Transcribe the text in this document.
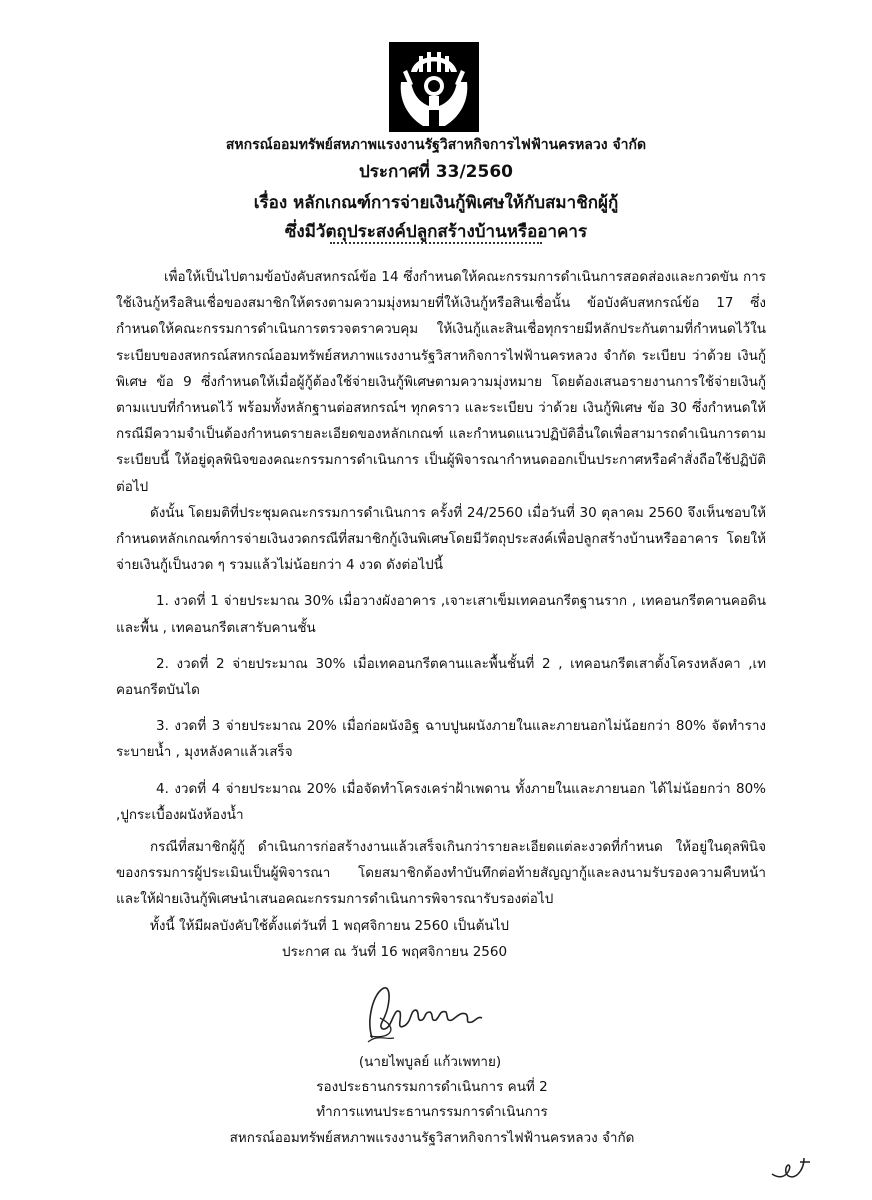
สหกรณ์ออมทรัพย์สหภาพแรงงานรัฐวิสาหกิจการไฟฟ้านครหลวง จำกัด
ประกาศที่ 33/2560
เรื่อง หลักเกณฑ์การจ่ายเงินกู้พิเศษให้กับสมาชิกผู้กู้
ซึ่งมีวัตถุประสงค์ปลูกสร้างบ้านหรืออาคาร

เพื่อให้เป็นไปตามข้อบังคับสหกรณ์ข้อ 14 ซึ่งกำหนดให้คณะกรรมการดำเนินการสอดส่องและกวดขัน การใช้เงินกู้หรือสินเชื่อของสมาชิกให้ตรงตามความมุ่งหมายที่ให้เงินกู้หรือสินเชื่อนั้น ข้อบังคับสหกรณ์ข้อ 17 ซึ่งกำหนดให้คณะกรรมการดำเนินการตรวจตราควบคุม ให้เงินกู้และสินเชื่อทุกรายมีหลักประกันตามที่กำหนดไว้ในระเบียบของสหกรณ์สหกรณ์ออมทรัพย์สหภาพแรงงานรัฐวิสาหกิจการไฟฟ้านครหลวง จำกัด ระเบียบ ว่าด้วย เงินกู้พิเศษ ข้อ 9 ซึ่งกำหนดให้เมื่อผู้กู้ต้องใช้จ่ายเงินกู้พิเศษตามความมุ่งหมาย โดยต้องเสนอรายงานการใช้จ่ายเงินกู้ตามแบบที่กำหนดไว้ พร้อมทั้งหลักฐานต่อสหกรณ์ฯ ทุกคราว และระเบียบ ว่าด้วย เงินกู้พิเศษ ข้อ 30 ซึ่งกำหนดให้กรณีมีความจำเป็นต้องกำหนดรายละเอียดของหลักเกณฑ์ และกำหนดแนวปฏิบัติอื่นใดเพื่อสามารถดำเนินการตามระเบียบนี้ ให้อยู่ดุลพินิจของคณะกรรมการดำเนินการ เป็นผู้พิจารณากำหนดออกเป็นประกาศหรือคำสั่งถือใช้ปฏิบัติต่อไป

ดังนั้น โดยมติที่ประชุมคณะกรรมการดำเนินการ ครั้งที่ 24/2560 เมื่อวันที่ 30 ตุลาคม 2560 จึงเห็นชอบให้กำหนดหลักเกณฑ์การจ่ายเงินงวดกรณีที่สมาชิกกู้เงินพิเศษโดยมีวัตถุประสงค์เพื่อปลูกสร้างบ้านหรืออาคาร โดยให้จ่ายเงินกู้เป็นงวด ๆ รวมแล้วไม่น้อยกว่า 4 งวด ดังต่อไปนี้

1. งวดที่ 1 จ่ายประมาณ 30% เมื่อวางผังอาคาร ,เจาะเสาเข็มเทคอนกรีตฐานราก , เทคอนกรีตคานคอดินและพื้น , เทคอนกรีตเสารับคานชั้น

2. งวดที่ 2 จ่ายประมาณ 30% เมื่อเทคอนกรีตคานและพื้นชั้นที่ 2 , เทคอนกรีตเสาตั้งโครงหลังคา ,เทคอนกรีตบันได

3. งวดที่ 3 จ่ายประมาณ 20% เมื่อก่อผนังอิฐ ฉาบปูนผนังภายในและภายนอกไม่น้อยกว่า 80% จัดทำรางระบายน้ำ , มุงหลังคาแล้วเสร็จ

4. งวดที่ 4 จ่ายประมาณ 20% เมื่อจัดทำโครงเคร่าฝ้าเพดาน ทั้งภายในและภายนอก ได้ไม่น้อยกว่า 80% ,ปูกระเบื้องผนังห้องน้ำ

กรณีที่สมาชิกผู้กู้ ดำเนินการก่อสร้างงานแล้วเสร็จเกินกว่ารายละเอียดแต่ละงวดที่กำหนด ให้อยู่ในดุลพินิจของกรรมการผู้ประเมินเป็นผู้พิจารณา โดยสมาชิกต้องทำบันทึกต่อท้ายสัญญากู้และลงนามรับรองความคืบหน้า และให้ฝ่ายเงินกู้พิเศษนำเสนอคณะกรรมการดำเนินการพิจารณารับรองต่อไป

ทั้งนี้ ให้มีผลบังคับใช้ตั้งแต่วันที่ 1 พฤศจิกายน 2560 เป็นต้นไป

ประกาศ ณ วันที่ 16 พฤศจิกายน 2560
(นายไพบูลย์ แก้วเพทาย)
รองประธานกรรมการดำเนินการ คนที่ 2
ทำการแทนประธานกรรมการดำเนินการ
สหกรณ์ออมทรัพย์สหภาพแรงงานรัฐวิสาหกิจการไฟฟ้านครหลวง จำกัด
